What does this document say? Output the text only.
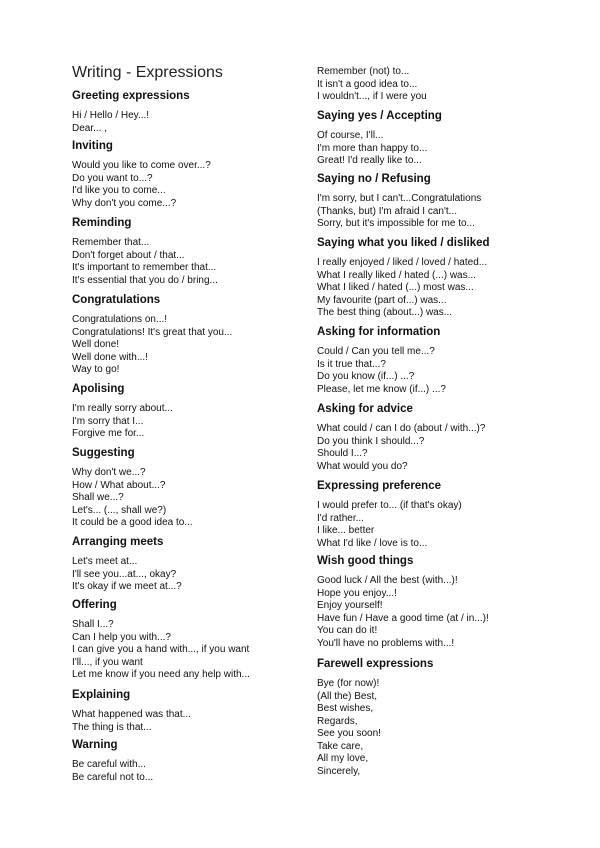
Writing - Expressions
Greeting expressions
Hi / Hello / Hey...!
Dear... ,
Inviting
Would you like to come over...?
Do you want to...?
I'd like you to come...
Why don't you come...?
Reminding
Remember that...
Don't forget about / that...
It's important to remember that...
It's essential that you do / bring...
Congratulations
Congratulations on...!
Congratulations! It's great that you...
Well done!
Well done with...!
Way to go!
Apolising
I'm really sorry about...
I'm sorry that I...
Forgive me for...
Suggesting
Why don't we...?
How / What about...?
Shall we...?
Let's... (..., shall we?)
It could be a good idea to...
Arranging meets
Let's meet at...
I'll see you...at..., okay?
It's okay if we meet at...?
Offering
Shall I...?
Can I help you with...?
I can give you a hand with..., if you want
I'll..., if you want
Let me know if you need any help with...
Explaining
What happened was that...
The thing is that...
Warning
Be careful with...
Be careful not to...
Remember (not) to...
It isn't a good idea to...
I wouldn't..., if I were you
Saying yes / Accepting
Of course, I'll...
I'm more than happy to...
Great! I'd really like to...
Saying no / Refusing
I'm sorry, but I can't...Congratulations
(Thanks, but) I'm afraid I can't...
Sorry, but it's impossible for me to...
Saying what you liked / disliked
I really enjoyed / liked / loved / hated...
What I really liked / hated (...) was...
What I liked / hated (...) most was...
My favourite (part of...) was...
The best thing (about...) was...
Asking for information
Could / Can you tell me...?
Is it true that...?
Do you know (if...) ...?
Please, let me know (if...) ...?
Asking for advice
What could / can I do (about / with...)?
Do you think I should...?
Should I...?
What would you do?
Expressing preference
I would prefer to... (if that's okay)
I'd rather...
I like... better
What I'd like / love is to...
Wish good things
Good luck / All the best (with...)!
Hope you enjoy...!
Enjoy yourself!
Have fun / Have a good time (at / in...)!
You can do it!
You'll have no problems with...!
Farewell expressions
Bye (for now)!
(All the) Best,
Best wishes,
Regards,
See you soon!
Take care,
All my love,
Sincerely,
